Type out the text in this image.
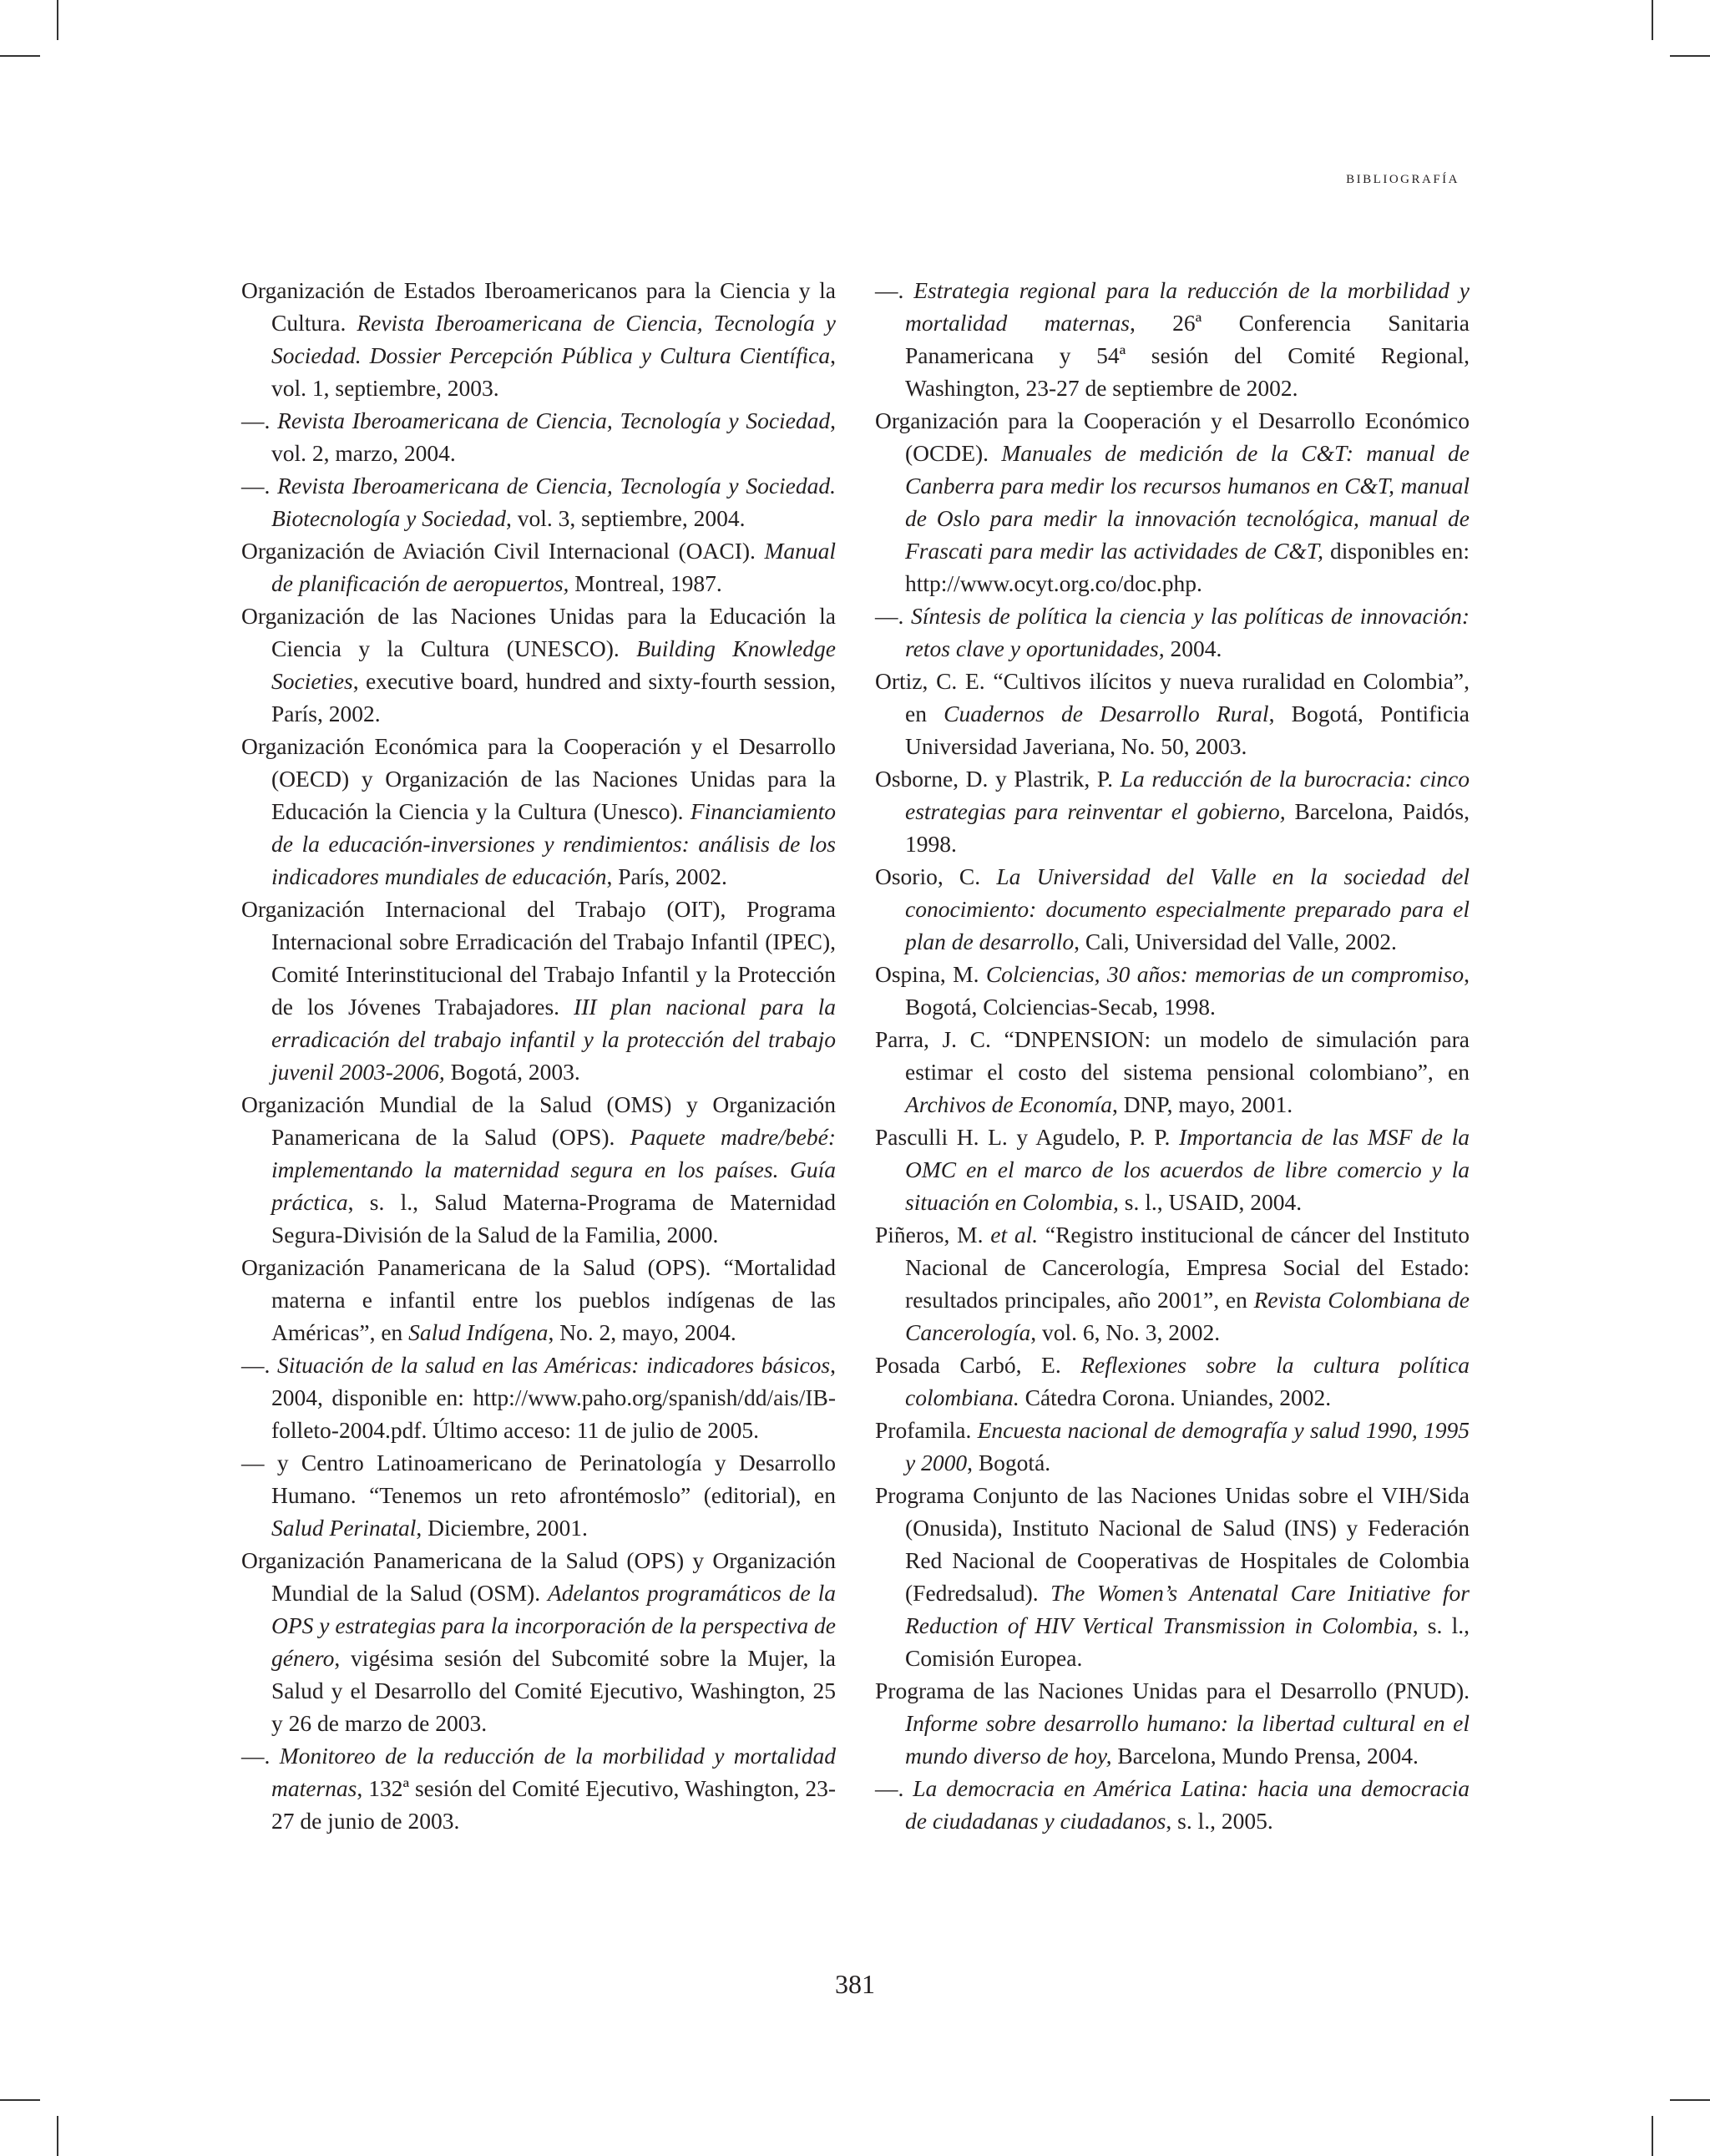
bibliografía

Organización de Estados Iberoamericanos para la Ciencia y la Cultura. Revista Iberoamericana de Ciencia, Tecnología y Sociedad. Dossier Percepción Pública y Cultura Científica, vol. 1, septiembre, 2003.

—. Revista Iberoamericana de Ciencia, Tecnología y Sociedad, vol. 2, marzo, 2004.

—. Revista Iberoamericana de Ciencia, Tecnología y Sociedad. Biotecnología y Sociedad, vol. 3, septiembre, 2004.

Organización de Aviación Civil Internacional (OACI). Manual de planificación de aeropuertos, Montreal, 1987.

Organización de las Naciones Unidas para la Educación la Ciencia y la Cultura (UNESCO). Building Knowledge Societies, executive board, hundred and sixty-fourth session, París, 2002.

Organización Económica para la Cooperación y el Desarrollo (OECD) y Organización de las Naciones Unidas para la Educación la Ciencia y la Cultura (Unesco). Financiamiento de la educación-inversiones y rendimientos: análisis de los indicadores mundiales de educación, París, 2002.

Organización Internacional del Trabajo (OIT), Programa Internacional sobre Erradicación del Trabajo Infantil (IPEC), Comité Interinstitucional del Trabajo Infantil y la Protección de los Jóvenes Trabajadores. III plan nacional para la erradicación del trabajo infantil y la protección del trabajo juvenil 2003-2006, Bogotá, 2003.

Organización Mundial de la Salud (OMS) y Organización Panamericana de la Salud (OPS). Paquete madre/bebé: implementando la maternidad segura en los países. Guía práctica, s. l., Salud Materna-Programa de Maternidad Segura-División de la Salud de la Familia, 2000.

Organización Panamericana de la Salud (OPS). “Mortalidad materna e infantil entre los pueblos indígenas de las Américas”, en Salud Indígena, No. 2, mayo, 2004.

—. Situación de la salud en las Américas: indicadores básicos, 2004, disponible en: http://www.paho.org/spanish/dd/ais/IB-folleto-2004.pdf. Último acceso: 11 de julio de 2005.

— y Centro Latinoamericano de Perinatología y Desarrollo Humano. “Tenemos un reto afrontémoslo” (editorial), en Salud Perinatal, Diciembre, 2001.

Organización Panamericana de la Salud (OPS) y Organización Mundial de la Salud (OSM). Adelantos programáticos de la OPS y estrategias para la incorporación de la perspectiva de género, vigésima sesión del Subcomité sobre la Mujer, la Salud y el Desarrollo del Comité Ejecutivo, Washington, 25 y 26 de marzo de 2003.

—. Monitoreo de la reducción de la morbilidad y mortalidad maternas, 132ª sesión del Comité Ejecutivo, Washington, 23-27 de junio de 2003.

—. Estrategia regional para la reducción de la morbilidad y mortalidad maternas, 26ª Conferencia Sanitaria Panamericana y 54ª sesión del Comité Regional, Washington, 23-27 de septiembre de 2002.

Organización para la Cooperación y el Desarrollo Económico (OCDE). Manuales de medición de la C&T: manual de Canberra para medir los recursos humanos en C&T, manual de Oslo para medir la innovación tecnológica, manual de Frascati para medir las actividades de C&T, disponibles en: http://www.ocyt.org.co/doc.php.

—. Síntesis de política la ciencia y las políticas de innovación: retos clave y oportunidades, 2004.

Ortiz, C. E. “Cultivos ilícitos y nueva ruralidad en Colombia”, en Cuadernos de Desarrollo Rural, Bogotá, Pontificia Universidad Javeriana, No. 50, 2003.

Osborne, D. y Plastrik, P. La reducción de la burocracia: cinco estrategias para reinventar el gobierno, Barcelona, Paidós, 1998.

Osorio, C. La Universidad del Valle en la sociedad del conocimiento: documento especialmente preparado para el plan de desarrollo, Cali, Universidad del Valle, 2002.

Ospina, M. Colciencias, 30 años: memorias de un compromiso, Bogotá, Colciencias-Secab, 1998.

Parra, J. C. “DNPENSION: un modelo de simulación para estimar el costo del sistema pensional colombiano”, en Archivos de Economía, DNP, mayo, 2001.

Pasculli H. L. y Agudelo, P. P. Importancia de las MSF de la OMC en el marco de los acuerdos de libre comercio y la situación en Colombia, s. l., USAID, 2004.

Piñeros, M. et al. “Registro institucional de cáncer del Instituto Nacional de Cancerología, Empresa Social del Estado: resultados principales, año 2001”, en Revista Colombiana de Cancerología, vol. 6, No. 3, 2002.

Posada Carbó, E. Reflexiones sobre la cultura política colombiana. Cátedra Corona. Uniandes, 2002.

Profamila. Encuesta nacional de demografía y salud 1990, 1995 y 2000, Bogotá.

Programa Conjunto de las Naciones Unidas sobre el VIH/Sida (Onusida), Instituto Nacional de Salud (INS) y Federación Red Nacional de Cooperativas de Hospitales de Colombia (Fedredsalud). The Women’s Antenatal Care Initiative for Reduction of HIV Vertical Transmission in Colombia, s. l., Comisión Europea.

Programa de las Naciones Unidas para el Desarrollo (PNUD). Informe sobre desarrollo humano: la libertad cultural en el mundo diverso de hoy, Barcelona, Mundo Prensa, 2004.

—. La democracia en América Latina: hacia una democracia de ciudadanas y ciudadanos, s. l., 2005.

381
